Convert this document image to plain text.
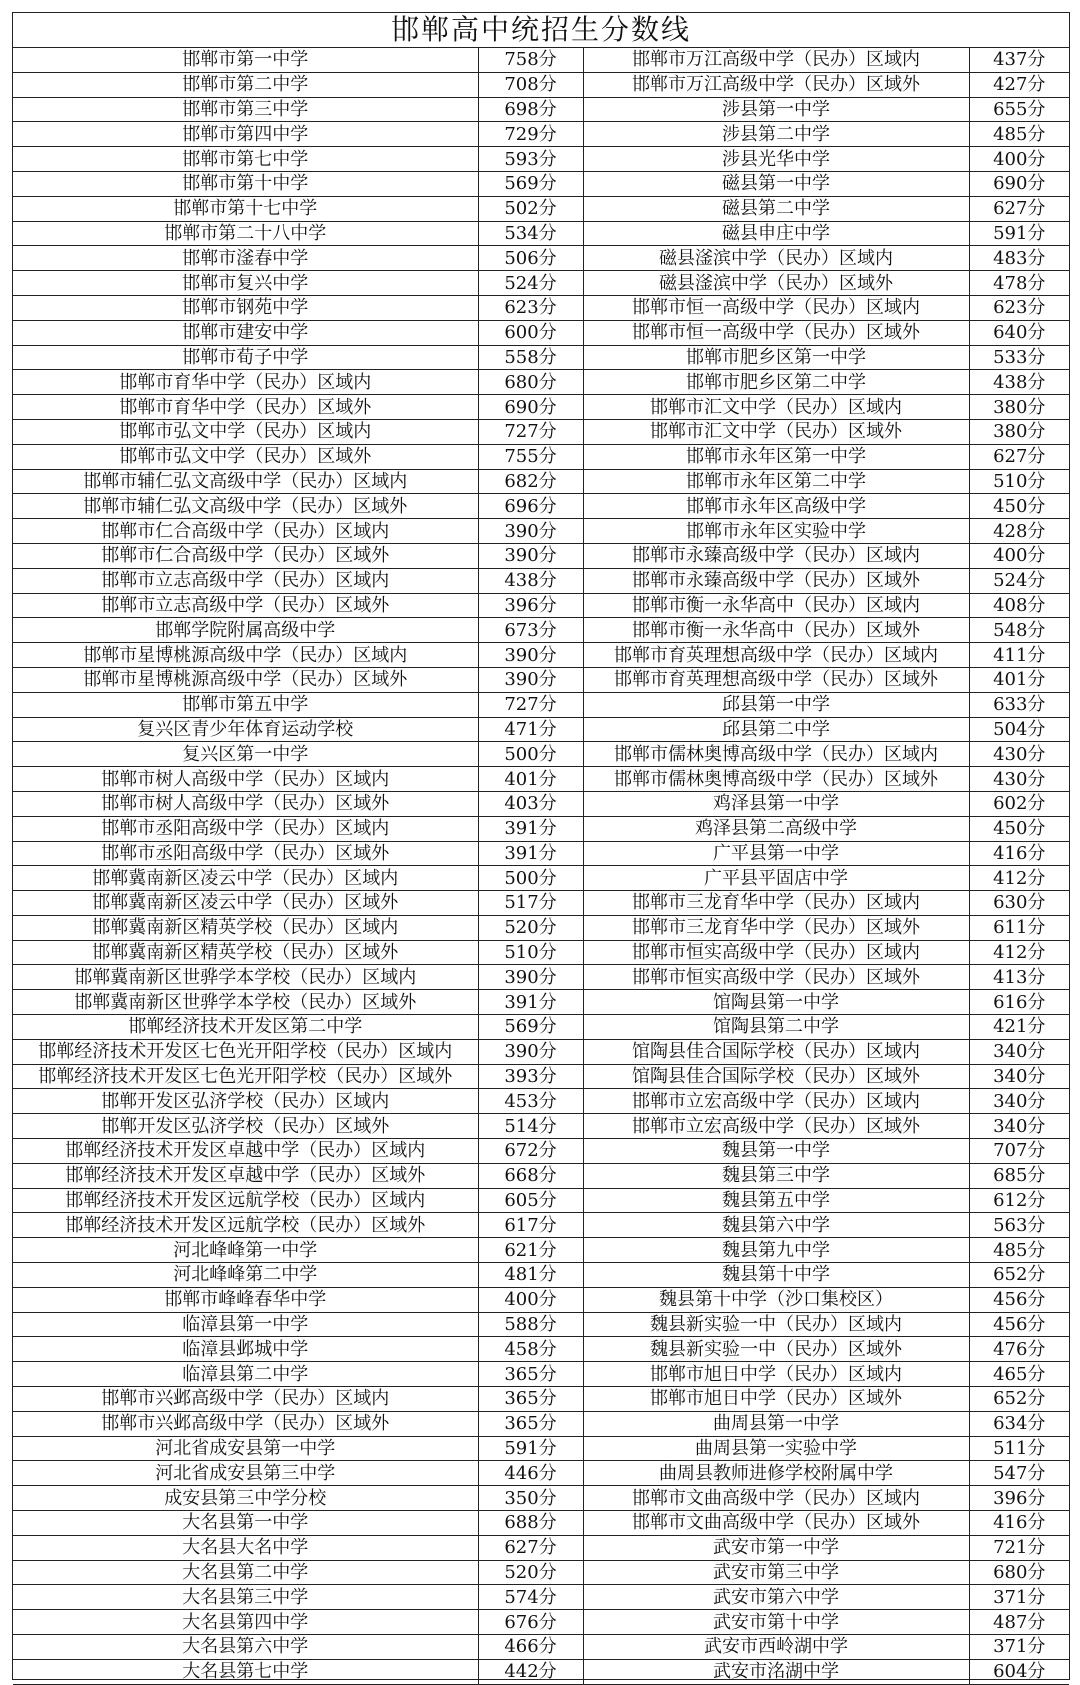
邯郸高中统招生分数线
邯郸市第一中学	758分	邯郸市万江高级中学（民办）区域内	437分
邯郸市第二中学	708分	邯郸市万江高级中学（民办）区域外	427分
邯郸市第三中学	698分	涉县第一中学	655分
邯郸市第四中学	729分	涉县第二中学	485分
邯郸市第七中学	593分	涉县光华中学	400分
邯郸市第十中学	569分	磁县第一中学	690分
邯郸市第十七中学	502分	磁县第二中学	627分
邯郸市第二十八中学	534分	磁县申庄中学	591分
邯郸市滏春中学	506分	磁县滏滨中学（民办）区域内	483分
邯郸市复兴中学	524分	磁县滏滨中学（民办）区域外	478分
邯郸市钢苑中学	623分	邯郸市恒一高级中学（民办）区域内	623分
邯郸市建安中学	600分	邯郸市恒一高级中学（民办）区域外	640分
邯郸市荀子中学	558分	邯郸市肥乡区第一中学	533分
邯郸市育华中学（民办）区域内	680分	邯郸市肥乡区第二中学	438分
邯郸市育华中学（民办）区域外	690分	邯郸市汇文中学（民办）区域内	380分
邯郸市弘文中学（民办）区域内	727分	邯郸市汇文中学（民办）区域外	380分
邯郸市弘文中学（民办）区域外	755分	邯郸市永年区第一中学	627分
邯郸市辅仁弘文高级中学（民办）区域内	682分	邯郸市永年区第二中学	510分
邯郸市辅仁弘文高级中学（民办）区域外	696分	邯郸市永年区高级中学	450分
邯郸市仁合高级中学（民办）区域内	390分	邯郸市永年区实验中学	428分
邯郸市仁合高级中学（民办）区域外	390分	邯郸市永臻高级中学（民办）区域内	400分
邯郸市立志高级中学（民办）区域内	438分	邯郸市永臻高级中学（民办）区域外	524分
邯郸市立志高级中学（民办）区域外	396分	邯郸市衡一永华高中（民办）区域内	408分
邯郸学院附属高级中学	673分	邯郸市衡一永华高中（民办）区域外	548分
邯郸市星博桃源高级中学（民办）区域内	390分	邯郸市育英理想高级中学（民办）区域内	411分
邯郸市星博桃源高级中学（民办）区域外	390分	邯郸市育英理想高级中学（民办）区域外	401分
邯郸市第五中学	727分	邱县第一中学	633分
复兴区青少年体育运动学校	471分	邱县第二中学	504分
复兴区第一中学	500分	邯郸市儒林奥博高级中学（民办）区域内	430分
邯郸市树人高级中学（民办）区域内	401分	邯郸市儒林奥博高级中学（民办）区域外	430分
邯郸市树人高级中学（民办）区域外	403分	鸡泽县第一中学	602分
邯郸市丞阳高级中学（民办）区域内	391分	鸡泽县第二高级中学	450分
邯郸市丞阳高级中学（民办）区域外	391分	广平县第一中学	416分
邯郸冀南新区凌云中学（民办）区域内	500分	广平县平固店中学	412分
邯郸冀南新区凌云中学（民办）区域外	517分	邯郸市三龙育华中学（民办）区域内	630分
邯郸冀南新区精英学校（民办）区域内	520分	邯郸市三龙育华中学（民办）区域外	611分
邯郸冀南新区精英学校（民办）区域外	510分	邯郸市恒实高级中学（民办）区域内	412分
邯郸冀南新区世骅学本学校（民办）区域内	390分	邯郸市恒实高级中学（民办）区域外	413分
邯郸冀南新区世骅学本学校（民办）区域外	391分	馆陶县第一中学	616分
邯郸经济技术开发区第二中学	569分	馆陶县第二中学	421分
邯郸经济技术开发区七色光开阳学校（民办）区域内	390分	馆陶县佳合国际学校（民办）区域内	340分
邯郸经济技术开发区七色光开阳学校（民办）区域外	393分	馆陶县佳合国际学校（民办）区域外	340分
邯郸开发区弘济学校（民办）区域内	453分	邯郸市立宏高级中学（民办）区域内	340分
邯郸开发区弘济学校（民办）区域外	514分	邯郸市立宏高级中学（民办）区域外	340分
邯郸经济技术开发区卓越中学（民办）区域内	672分	魏县第一中学	707分
邯郸经济技术开发区卓越中学（民办）区域外	668分	魏县第三中学	685分
邯郸经济技术开发区远航学校（民办）区域内	605分	魏县第五中学	612分
邯郸经济技术开发区远航学校（民办）区域外	617分	魏县第六中学	563分
河北峰峰第一中学	621分	魏县第九中学	485分
河北峰峰第二中学	481分	魏县第十中学	652分
邯郸市峰峰春华中学	400分	魏县第十中学（沙口集校区）	456分
临漳县第一中学	588分	魏县新实验一中（民办）区域内	456分
临漳县邺城中学	458分	魏县新实验一中（民办）区域外	476分
临漳县第二中学	365分	邯郸市旭日中学（民办）区域内	465分
邯郸市兴邺高级中学（民办）区域内	365分	邯郸市旭日中学（民办）区域外	652分
邯郸市兴邺高级中学（民办）区域外	365分	曲周县第一中学	634分
河北省成安县第一中学	591分	曲周县第一实验中学	511分
河北省成安县第三中学	446分	曲周县教师进修学校附属中学	547分
成安县第三中学分校	350分	邯郸市文曲高级中学（民办）区域内	396分
大名县第一中学	688分	邯郸市文曲高级中学（民办）区域外	416分
大名县大名中学	627分	武安市第一中学	721分
大名县第二中学	520分	武安市第三中学	680分
大名县第三中学	574分	武安市第六中学	371分
大名县第四中学	676分	武安市第十中学	487分
大名县第六中学	466分	武安市西岭湖中学	371分
大名县第七中学	442分	武安市洺湖中学	604分
